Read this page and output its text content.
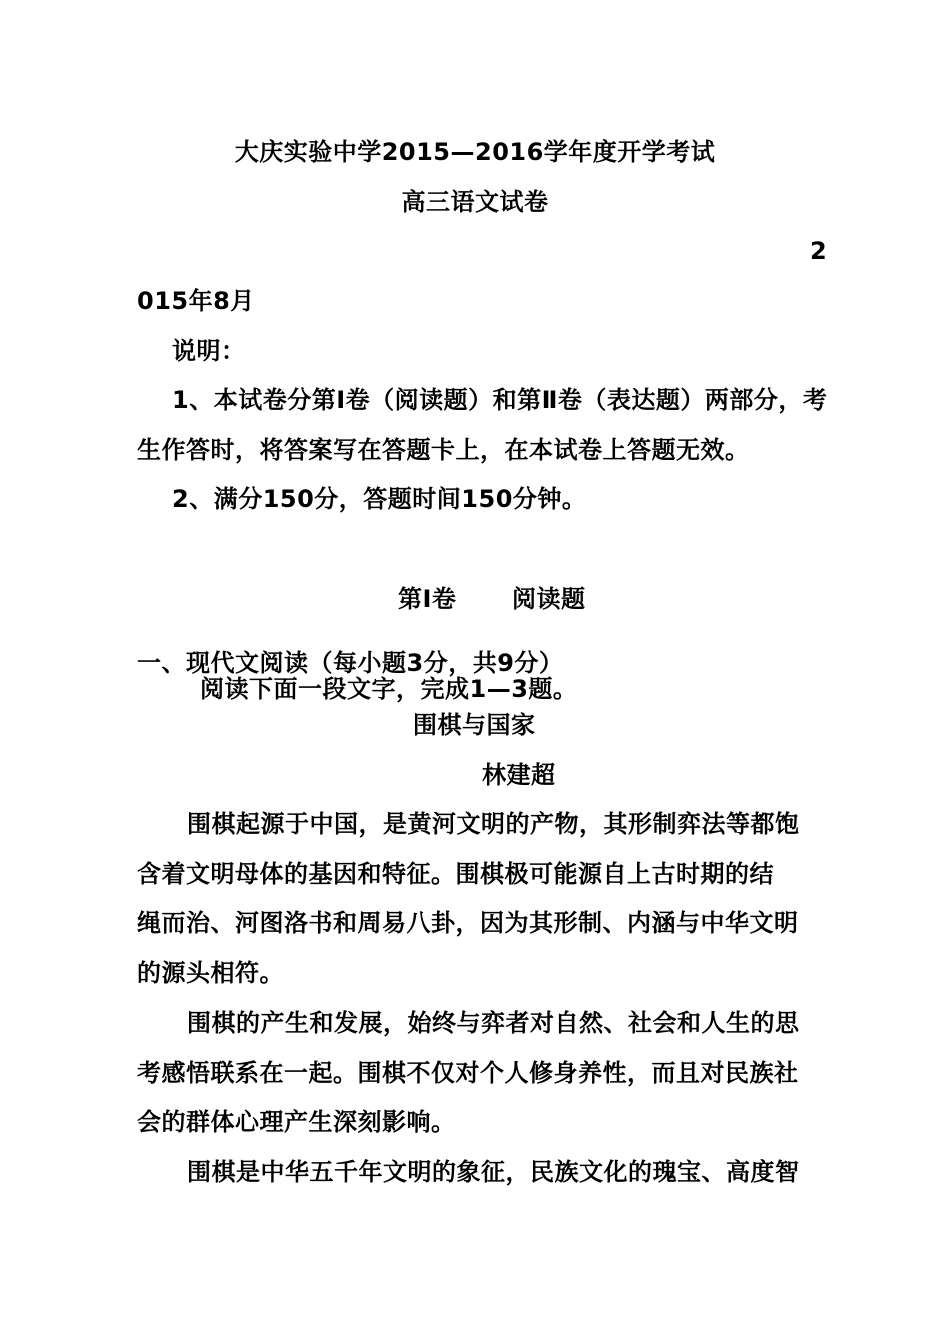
大庆实验中学2015—2016学年度开学考试
高三语文试卷
2
015年8月
说明：
1、本试卷分第Ⅰ卷（阅读题）和第Ⅱ卷（表达题）两部分，考
生作答时，将答案写在答题卡上，在本试卷上答题无效。
2、满分150分，答题时间150分钟。
第Ⅰ卷 阅读题
一、现代文阅读（每小题3分，共9分）
阅读下面一段文字，完成1—3题。
围棋与国家
林建超
围棋起源于中国，是黄河文明的产物，其形制弈法等都饱
含着文明母体的基因和特征。围棋极可能源自上古时期的结
绳而治、河图洛书和周易八卦，因为其形制、内涵与中华文明
的源头相符。
围棋的产生和发展，始终与弈者对自然、社会和人生的思
考感悟联系在一起。围棋不仅对个人修身养性，而且对民族社
会的群体心理产生深刻影响。
围棋是中华五千年文明的象征，民族文化的瑰宝、高度智
